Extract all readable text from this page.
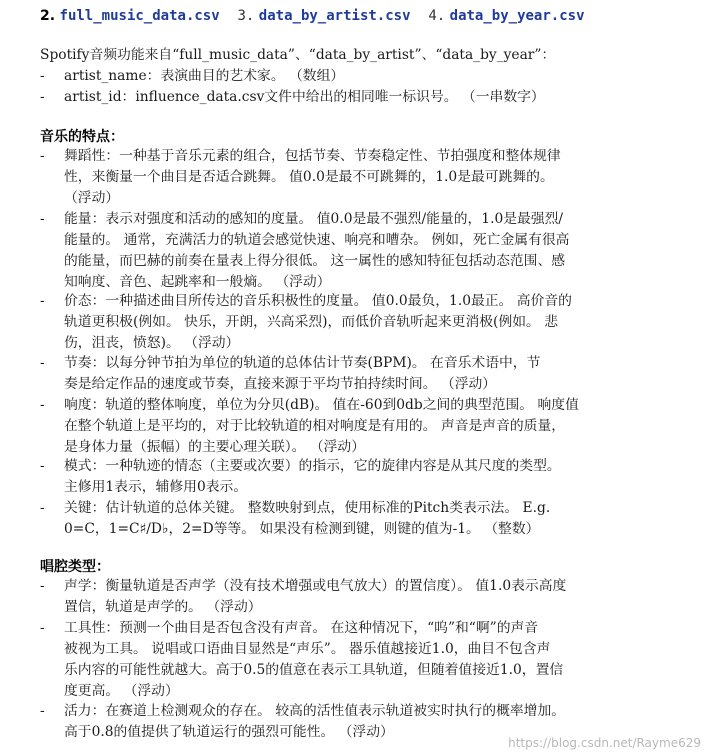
2. full_music_data.csv 3. data_by_artist.csv 4. data_by_year.csv
Spotify音频功能来自“full_music_data”、“data_by_artist”、“data_by_year”：
- artist_name：表演曲目的艺术家。 （数组）
- artist_id：influence_data.csv文件中给出的相同唯一标识号。 （一串数字）
音乐的特点：
- 舞蹈性：一种基于音乐元素的组合，包括节奏、节奏稳定性、节拍强度和整体规律
性，来衡量一个曲目是否适合跳舞。 值0.0是最不可跳舞的，1.0是最可跳舞的。
（浮动）
- 能量：表示对强度和活动的感知的度量。 值0.0是最不强烈/能量的，1.0是最强烈/
能量的。 通常，充满活力的轨道会感觉快速、响亮和嘈杂。 例如，死亡金属有很高
的能量，而巴赫的前奏在量表上得分很低。 这一属性的感知特征包括动态范围、感
知响度、音色、起跳率和一般熵。 （浮动）
- 价态：一种描述曲目所传达的音乐积极性的度量。 值0.0最负，1.0最正。 高价音的
轨道更积极(例如。 快乐，开朗，兴高采烈)，而低价音轨听起来更消极(例如。 悲
伤，沮丧，愤怒)。 （浮动）
- 节奏：以每分钟节拍为单位的轨道的总体估计节奏(BPM)。 在音乐术语中，节
奏是给定作品的速度或节奏，直接来源于平均节拍持续时间。 （浮动）
- 响度：轨道的整体响度，单位为分贝(dB)。 值在-60到0db之间的典型范围。 响度值
在整个轨道上是平均的，对于比较轨道的相对响度是有用的。 声音是声音的质量，
是身体力量（振幅）的主要心理关联）。 （浮动）
- 模式：一种轨迹的情态（主要或次要）的指示，它的旋律内容是从其尺度的类型。
主修用1表示，辅修用0表示。
- 关键：估计轨道的总体关键。 整数映射到点，使用标准的Pitch类表示法。 E.g.
0=C，1=C♯/D♭，2=D等等。 如果没有检测到键，则键的值为-1。 （整数）
唱腔类型：
- 声学：衡量轨道是否声学（没有技术增强或电气放大）的置信度）。 值1.0表示高度
置信，轨道是声学的。 （浮动）
- 工具性：预测一个曲目是否包含没有声音。 在这种情况下，“呜”和“啊”的声音
被视为工具。 说唱或口语曲目显然是“声乐”。 器乐值越接近1.0，曲目不包含声
乐内容的可能性就越大。高于0.5的值意在表示工具轨道，但随着值接近1.0，置信
度更高。 （浮动）
- 活力：在赛道上检测观众的存在。 较高的活性值表示轨道被实时执行的概率增加。
高于0.8的值提供了轨道运行的强烈可能性。 （浮动）
https://blog.csdn.net/Rayme629
